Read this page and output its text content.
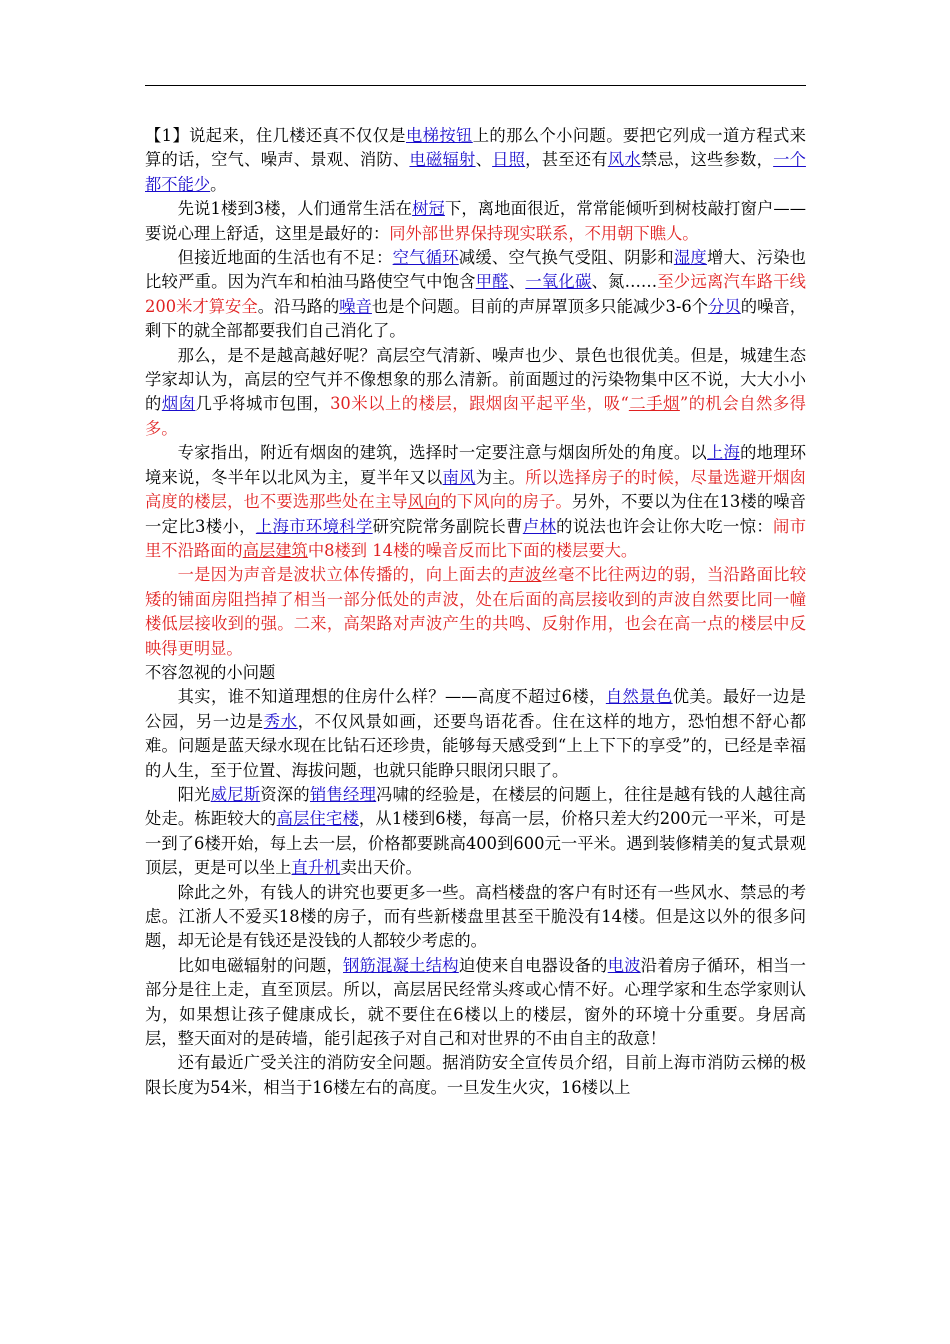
【1】说起来，住几楼还真不仅仅是电梯按钮上的那么个小问题。要把它列成一道方程式来算的话，空气、噪声、景观、消防、电磁辐射、日照，甚至还有风水禁忌，这些参数，一个都不能少。

先说1楼到3楼，人们通常生活在树冠下，离地面很近，常常能倾听到树枝敲打窗户——要说心理上舒适，这里是最好的：同外部世界保持现实联系，不用朝下瞧人。

但接近地面的生活也有不足：空气循环减缓、空气换气受阻、阴影和湿度增大、污染也比较严重。因为汽车和柏油马路使空气中饱含甲醛、一氧化碳、氮……至少远离汽车路干线200米才算安全。沿马路的噪音也是个问题。目前的声屏罩顶多只能减少3-6个分贝的噪音，剩下的就全部都要我们自己消化了。

那么，是不是越高越好呢？高层空气清新、噪声也少、景色也很优美。但是，城建生态学家却认为，高层的空气并不像想象的那么清新。前面题过的污染物集中区不说，大大小小的烟囱几乎将城市包围，30米以上的楼层，跟烟囱平起平坐，吸“二手烟”的机会自然多得多。

专家指出，附近有烟囱的建筑，选择时一定要注意与烟囱所处的角度。以上海的地理环境来说，冬半年以北风为主，夏半年又以南风为主。所以选择房子的时候，尽量选避开烟囱高度的楼层，也不要选那些处在主导风向的下风向的房子。另外，不要以为住在13楼的噪音一定比3楼小，上海市环境科学研究院常务副院长曹卢林的说法也许会让你大吃一惊：闹市里不沿路面的高层建筑中8楼到 14楼的噪音反而比下面的楼层要大。

一是因为声音是波状立体传播的，向上面去的声波丝毫不比往两边的弱，当沿路面比较矮的铺面房阻挡掉了相当一部分低处的声波，处在后面的高层接收到的声波自然要比同一幢楼低层接收到的强。二来，高架路对声波产生的共鸣、反射作用，也会在高一点的楼层中反映得更明显。

不容忽视的小问题

其实，谁不知道理想的住房什么样？——高度不超过6楼，自然景色优美。最好一边是公园，另一边是秀水，不仅风景如画，还要鸟语花香。住在这样的地方，恐怕想不舒心都难。问题是蓝天绿水现在比钻石还珍贵，能够每天感受到“上上下下的享受”的，已经是幸福的人生，至于位置、海拔问题，也就只能睁只眼闭只眼了。

阳光威尼斯资深的销售经理冯啸的经验是，在楼层的问题上，往往是越有钱的人越往高处走。栋距较大的高层住宅楼，从1楼到6楼，每高一层，价格只差大约200元一平米，可是一到了6楼开始，每上去一层，价格都要跳高400到600元一平米。遇到装修精美的复式景观顶层，更是可以坐上直升机卖出天价。

除此之外，有钱人的讲究也要更多一些。高档楼盘的客户有时还有一些风水、禁忌的考虑。江浙人不爱买18楼的房子，而有些新楼盘里甚至干脆没有14楼。但是这以外的很多问题，却无论是有钱还是没钱的人都较少考虑的。

比如电磁辐射的问题，钢筋混凝土结构迫使来自电器设备的电波沿着房子循环，相当一部分是往上走，直至顶层。所以，高层居民经常头疼或心情不好。心理学家和生态学家则认为，如果想让孩子健康成长，就不要住在6楼以上的楼层，窗外的环境十分重要。身居高层，整天面对的是砖墙，能引起孩子对自己和对世界的不由自主的敌意！

还有最近广受关注的消防安全问题。据消防安全宣传员介绍，目前上海市消防云梯的极限长度为54米，相当于16楼左右的高度。一旦发生火灾，16楼以上
